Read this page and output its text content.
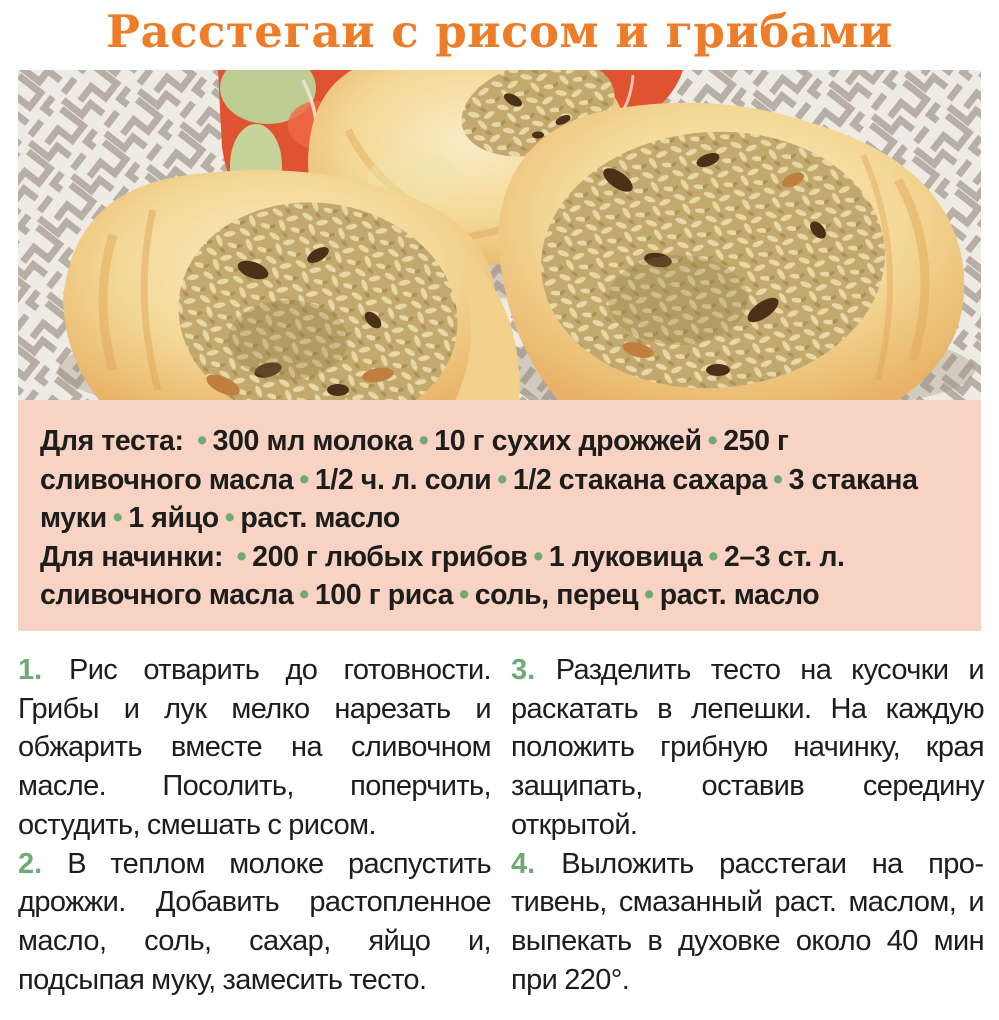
Расстегаи с рисом и грибами

Для теста: • 300 мл молока • 10 г сухих дрожжей • 250 г сливочного масла • 1/2 ч. л. соли • 1/2 стакана сахара • 3 стакана муки • 1 яйцо • раст. масло

Для начинки: • 200 г любых грибов • 1 луковица • 2–3 ст. л. сливочного масла • 100 г риса • соль, перец • раст. масло

1. Рис отварить до готовности. Грибы и лук мелко нарезать и обжарить вместе на сливочном масле. Посолить, поперчить, остудить, смешать с рисом.

2. В теплом молоке распустить дрожжи. Добавить растопленное масло, соль, сахар, яйцо и, подсыпая муку, замесить тесто.

3. Разделить тесто на кусочки и раскатать в лепешки. На каждую положить грибную начинку, края защипать, оставив середину открытой.

4. Выложить расстегаи на противень, смазанный раст. маслом, и выпекать в духовке около 40 мин при 220°.
